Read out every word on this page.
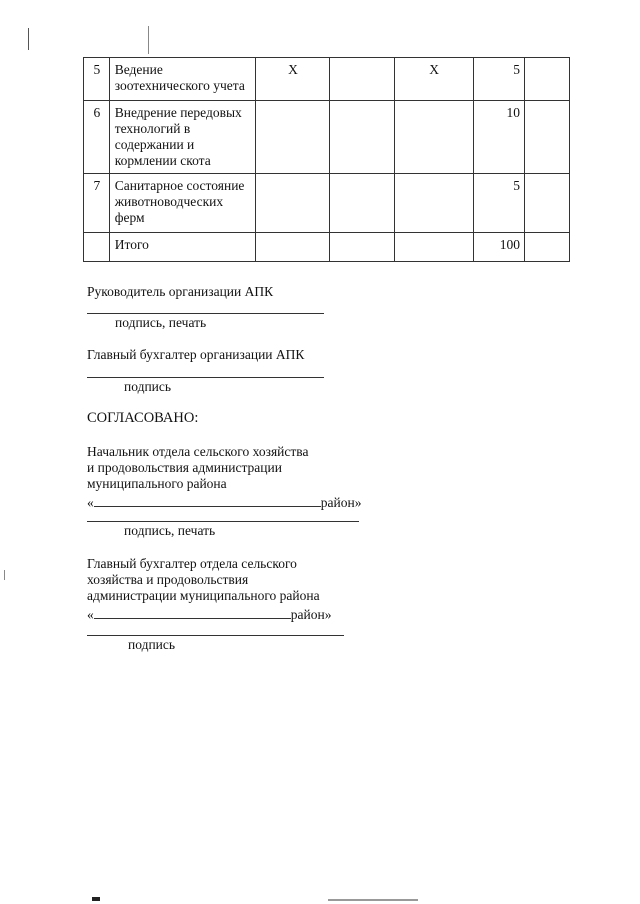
5	Ведение зоотехнического учета	Х		Х	5	
6	Внедрение передовых технологий в содержании и кормлении скота				10	
7	Санитарное состояние животноводческих ферм				5	
	Итого				100	
Руководитель организации АПК
подпись, печать
Главный бухгалтер организации АПК
подпись
СОГЛАСОВАНО:
Начальник отдела сельского хозяйства
и продовольствия администрации
муниципального района
«	район»
подпись, печать
Главный бухгалтер отдела сельского
хозяйства и продовольствия
администрации муниципального района
«	район»
подпись
